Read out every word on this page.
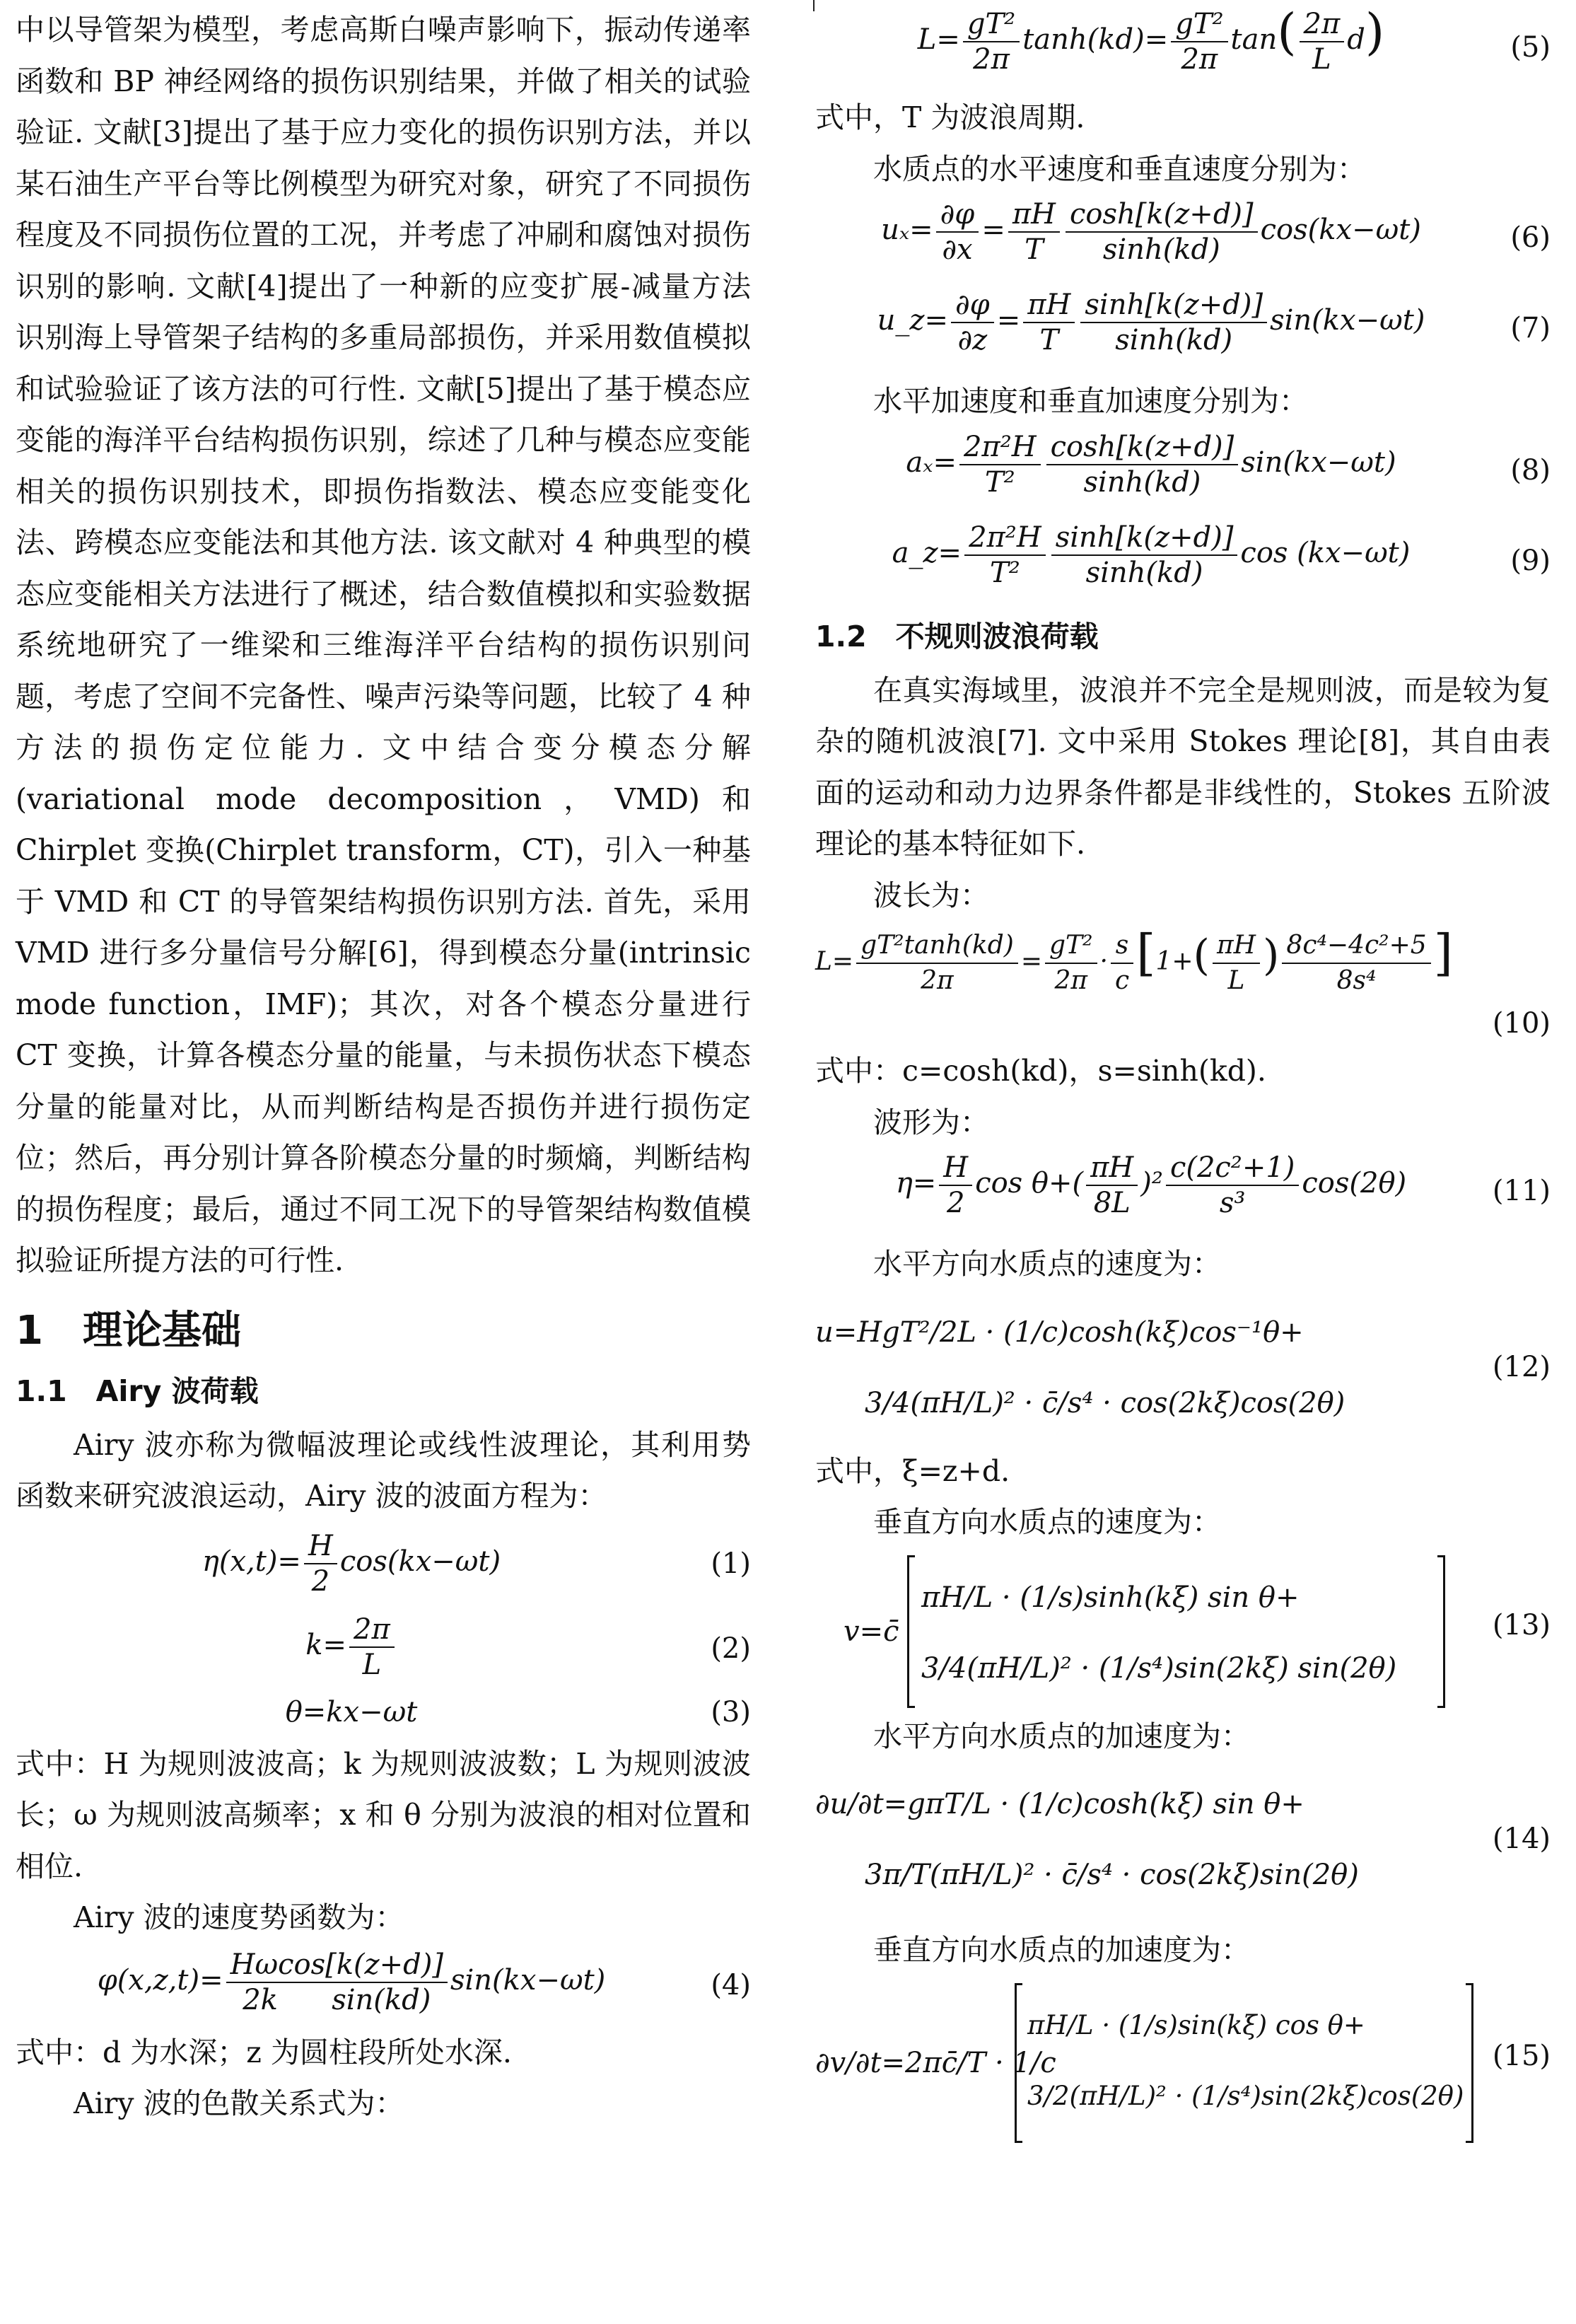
中以导管架为模型，考虑高斯白噪声影响下，振动传递率函数和 BP 神经网络的损伤识别结果，并做了相关的试验验证. 文献[3]提出了基于应力变化的损伤识别方法，并以某石油生产平台等比例模型为研究对象，研究了不同损伤程度及不同损伤位置的工况，并考虑了冲刷和腐蚀对损伤识别的影响. 文献[4]提出了一种新的应变扩展-减量方法识别海上导管架子结构的多重局部损伤，并采用数值模拟和试验验证了该方法的可行性. 文献[5]提出了基于模态应变能的海洋平台结构损伤识别，综述了几种与模态应变能相关的损伤识别技术，即损伤指数法、模态应变能变化法、跨模态应变能法和其他方法. 该文献对 4 种典型的模态应变能相关方法进行了概述，结合数值模拟和实验数据系统地研究了一维梁和三维海洋平台结构的损伤识别问题，考虑了空间不完备性、噪声污染等问题，比较了 4 种方法的损伤定位能力. 文中结合变分模态分解(variational mode decomposition，VMD)和 Chirplet 变换(Chirplet transform，CT)，引入一种基于 VMD 和 CT 的导管架结构损伤识别方法. 首先，采用 VMD 进行多分量信号分解[6]，得到模态分量(intrinsic mode function，IMF)；其次，对各个模态分量进行 CT 变换，计算各模态分量的能量，与未损伤状态下模态分量的能量对比，从而判断结构是否损伤并进行损伤定位；然后，再分别计算各阶模态分量的时频熵，判断结构的损伤程度；最后，通过不同工况下的导管架结构数值模拟验证所提方法的可行性.

1　理论基础
1.1　Airy 波荷载

Airy 波亦称为微幅波理论或线性波理论，其利用势函数来研究波浪运动，Airy 波的波面方程为：

$\eta(x,t)= \frac{H}{2} \cos(kx-\omega t)$	(1)
$k= \frac{2\pi}{L}$	(2)
θ=kx−ωt	(3)

式中：H 为规则波波高；k 为规则波波数；L 为规则波波长；ω 为规则波高频率；x 和 θ 分别为波浪的相对位置和相位.

Airy 波的速度势函数为：

$\varphi(x,z,t)= \frac{H\omega\cos[k(z+d)]}{\text{2k      sin(kd)}} \sin(kx-\omega t)$	(4)

式中：d 为水深；z 为圆柱段所处水深.

Airy 波的色散关系式为：

$L= \frac{\text{gT²}}{2\pi} \tanh(kd)= \frac{\text{gT²}}{2\pi} \tan( \frac{2\pi}{L} d)$	(5)

式中，T 为波浪周期.

水质点的水平速度和垂直速度分别为：

$u_x= \frac{\partial\varphi}{\partial x} = \frac{\pi H}{T} \frac{\cosh[k(z+d)]}{\sinh(kd)} \cos(kx-\omega t)$	(6)
u_z= $\frac{\partial\varphi}{\partial z} = \frac{\pi H}{T} \frac{\sinh[k(z+d)]}{\sinh(kd)} \sin(kx-\omega t)$	(7)

水平加速度和垂直加速度分别为：

$a_x= \frac{\text{2π²H}}{\text{T²}} \frac{\cosh[k(z+d)]}{\sinh(kd)} \sin(kx-\omega t)$	(8)
a_z= $\frac{\text{2π²H}}{\text{T²}} \frac{\sinh[k(z+d)]}{\sinh(kd)}$ cos (kx−ωt)	(9)
1.2　不规则波浪荷载

在真实海域里，波浪并不完全是规则波，而是较为复杂的随机波浪[7]. 文中采用 Stokes 理论[8]，其自由表面的运动和动力边界条件都是非线性的，Stokes 五阶波理论的基本特征如下.

波长为：

$L= \frac{\text{gT²tanh(kd)}}{2\pi} = \frac{\text{gT²}}{2\pi} \cdot \frac{s}{c} [1+( \frac{\pi H}{L}$ ) $\frac{\text{8c⁴−4c²+5}}{\text{8s⁴}}$ ]
(10)

式中：c=cosh(kd)，s=sinh(kd).

波形为：

$\eta= \frac{H}{2}$ $\cos \theta+( \frac{\pi H}{8L} )^2 \frac{\text{c(2c²+1)}}{\text{s³}} \cos(2\theta)$	(11)

水平方向水质点的速度为：

u=HgT²/2L · (1/c)cosh(kξ)cos⁻¹θ+
3/4(πH/L)² · c̄/s⁴ · cos(2kξ)cos(2θ)
(12)

式中，ξ=z+d.

垂直方向水质点的速度为：

v=c̄
πH/L · (1/s)sinh(kξ) sin θ+
3/4(πH/L)² · (1/s⁴)sin(2kξ) sin(2θ)
(13)

水平方向水质点的加速度为：

∂u/∂t=gπT/L · (1/c)cosh(kξ) sin θ+
3π/T(πH/L)² · c̄/s⁴ · cos(2kξ)sin(2θ)
(14)

垂直方向水质点的加速度为：

∂v/∂t=2πc̄/T · 1/c
πH/L · (1/s)sin(kξ) cos θ+
3/2(πH/L)² · (1/s⁴)sin(2kξ)cos(2θ)
(15)
